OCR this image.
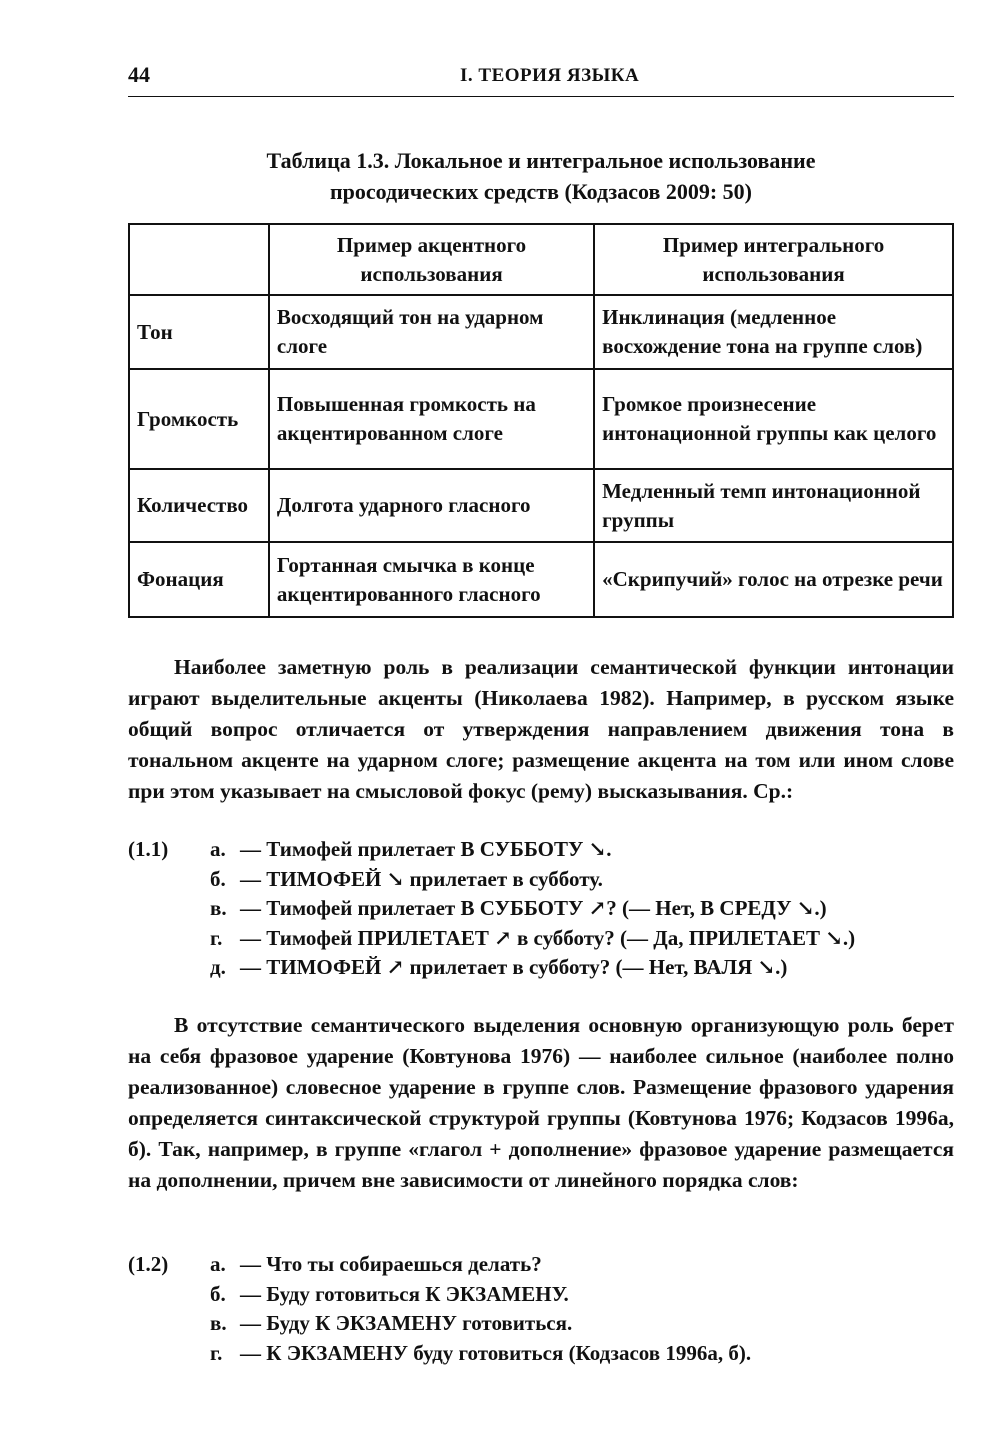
44	I. ТЕОРИЯ ЯЗЫКА
Таблица 1.3. Локальное и интегральное использование
просодических средств (Кодзасов 2009: 50)
	Пример акцентного использования	Пример интегрального использования
Тон	Восходящий тон на ударном слоге	Инклинация (медленное восхождение тона на группе слов)
Громкость	Повышенная громкость на акцентированном слоге	Громкое произнесение интонационной группы как целого
Количество	Долгота ударного гласного	Медленный темп интонационной группы
Фонация	Гортанная смычка в конце акцентированного гласного	«Скрипучий» голос на отрезке речи

Наиболее заметную роль в реализации семантической функции интонации играют выделительные акценты (Николаева 1982). Например, в русском языке общий вопрос отличается от утверждения направлением движения тона в тональном акценте на ударном слоге; размещение акцента на том или ином слове при этом указывает на смысловой фокус (рему) высказывания. Ср.:

(1.1) а. — Тимофей прилетает В СУББОТУ ↘.
б. — ТИМОФЕЙ ↘ прилетает в субботу.
в. — Тимофей прилетает В СУББОТУ ↗? (— Нет, В СРЕДУ ↘.)
г. — Тимофей ПРИЛЕТАЕТ ↗ в субботу? (— Да, ПРИЛЕТАЕТ ↘.)
д. — ТИМОФЕЙ ↗ прилетает в субботу? (— Нет, ВАЛЯ ↘.)

В отсутствие семантического выделения основную организующую роль берет на себя фразовое ударение (Ковтунова 1976) — наиболее сильное (наиболее полно реализованное) словесное ударение в группе слов. Размещение фразового ударения определяется синтаксической структурой группы (Ковтунова 1976; Кодзасов 1996а, б). Так, например, в группе «глагол + дополнение» фразовое ударение размещается на дополнении, причем вне зависимости от линейного порядка слов:

(1.2) а. — Что ты собираешься делать?
б. — Буду готовиться К ЭКЗАМЕНУ.
в. — Буду К ЭКЗАМЕНУ готовиться.
г. — К ЭКЗАМЕНУ буду готовиться (Кодзасов 1996а, б).
